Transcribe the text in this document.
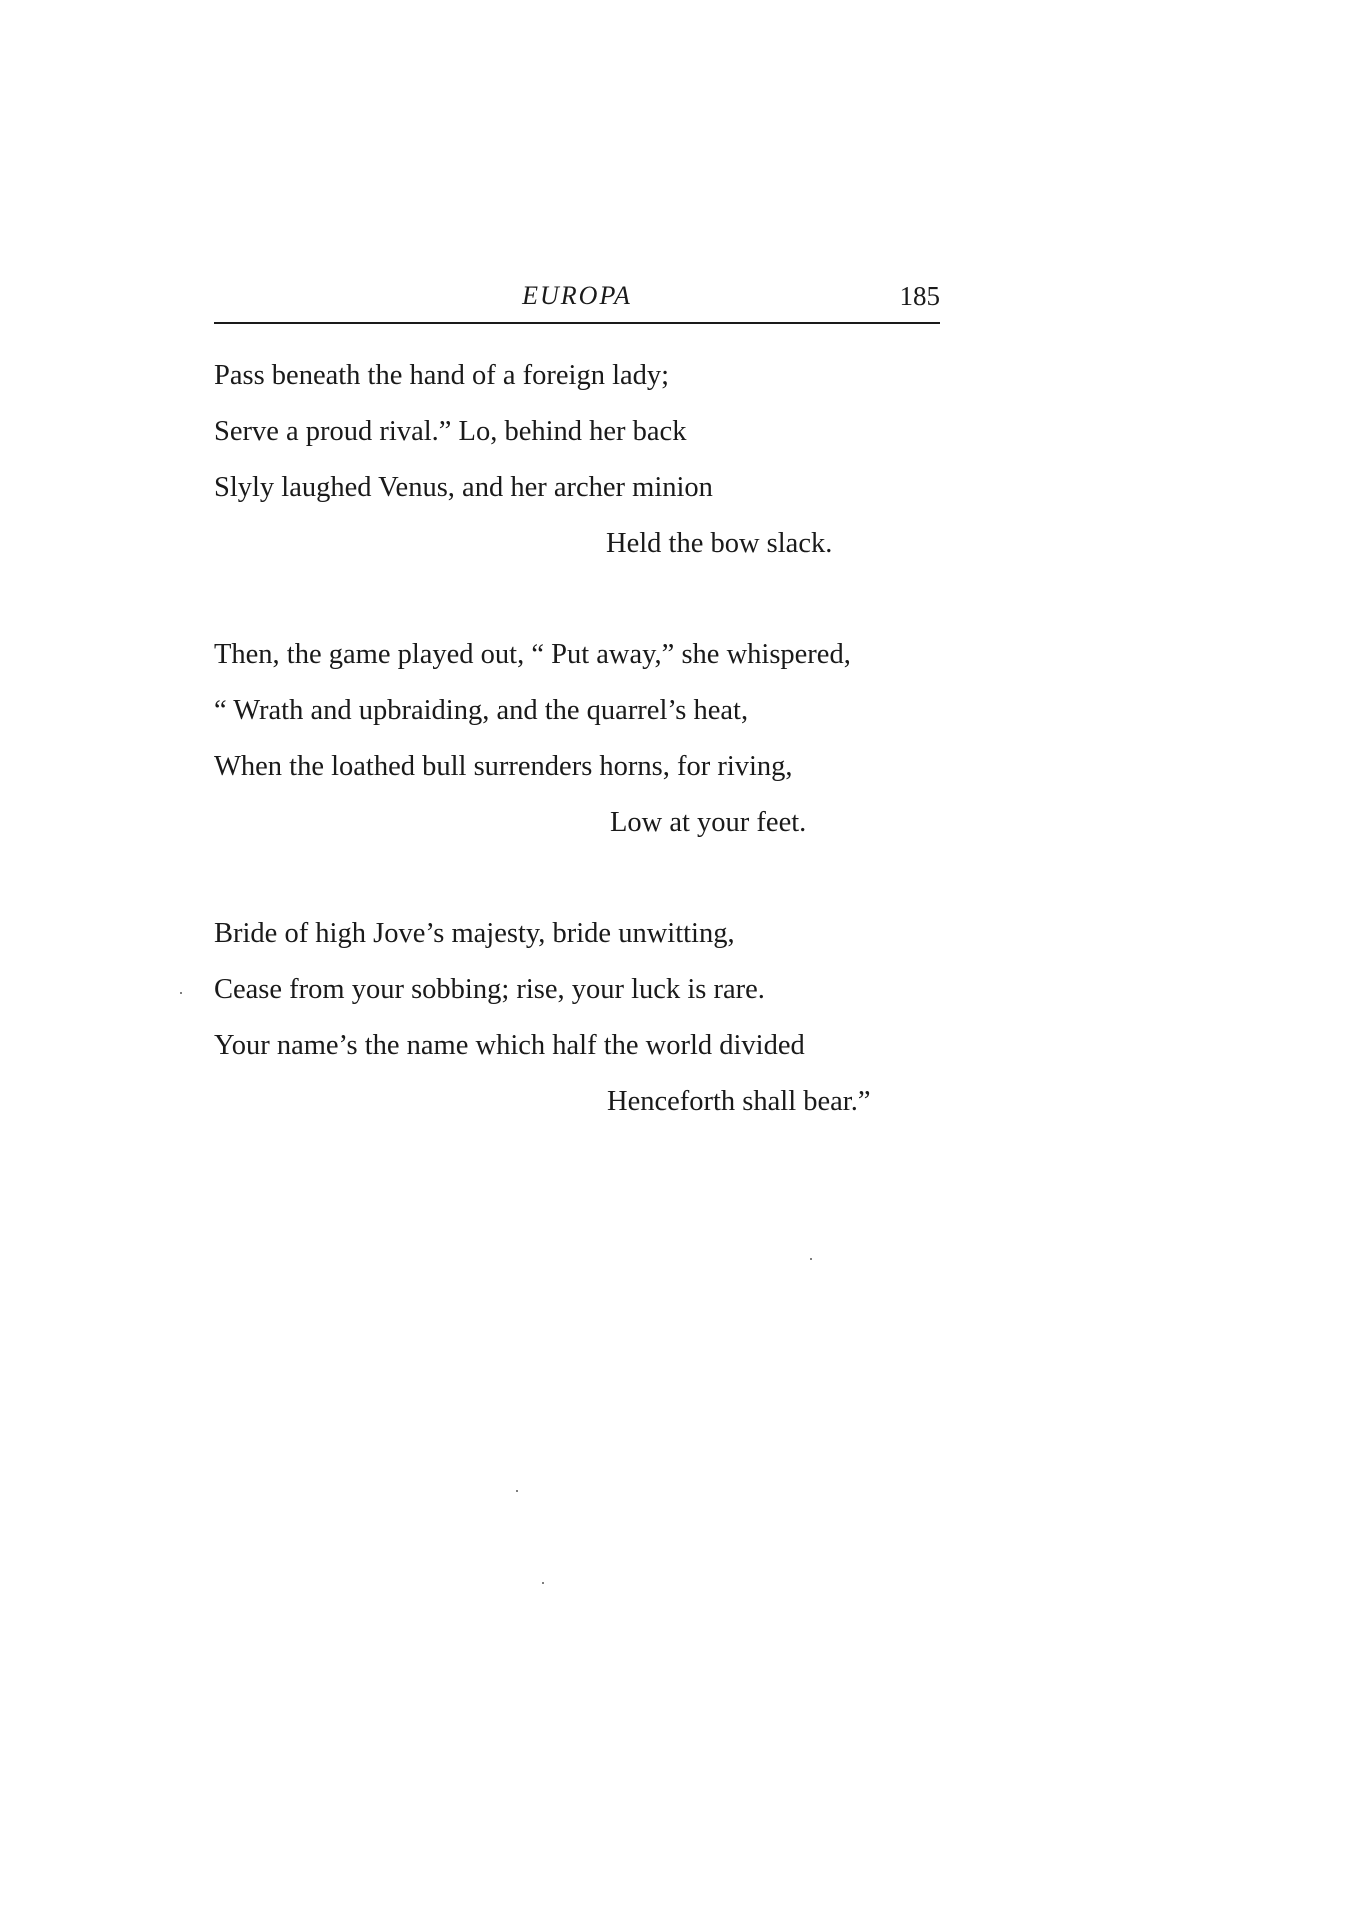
EUROPA	185
Pass beneath the hand of a foreign lady;
Serve a proud rival.” Lo, behind her back
Slyly laughed Venus, and her archer minion
Held the bow slack.
Then, the game played out, “ Put away,” she whispered,
“ Wrath and upbraiding, and the quarrel’s heat,
When the loathed bull surrenders horns, for riving,
Low at your feet.
Bride of high Jove’s majesty, bride unwitting,
Cease from your sobbing; rise, your luck is rare.
Your name’s the name which half the world divided
Henceforth shall bear.”
